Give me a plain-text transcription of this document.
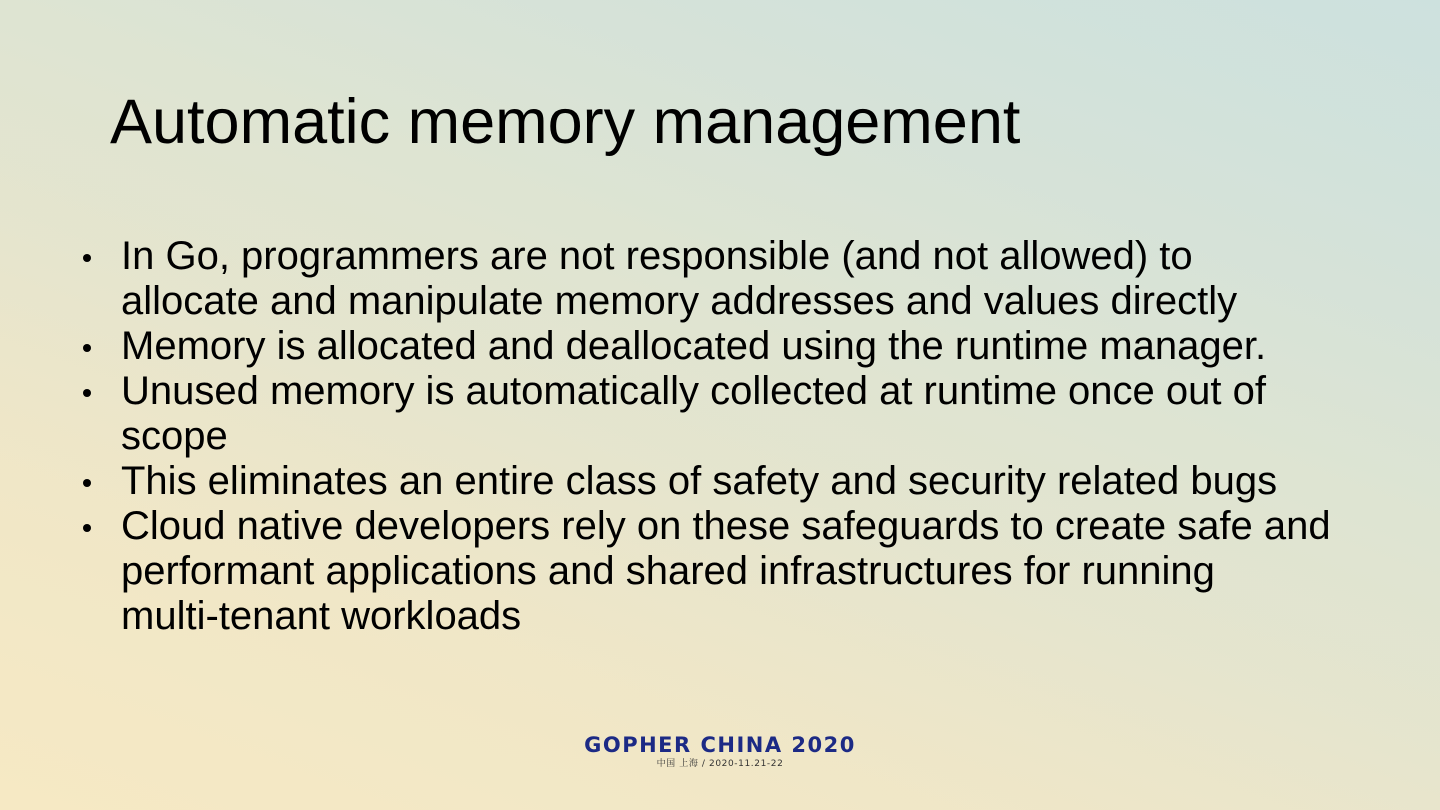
Automatic memory management
In Go, programmers are not responsible (and not allowed) to
allocate and manipulate memory addresses and values directly
Memory is allocated and deallocated using the runtime manager.
Unused memory is automatically collected at runtime once out of
scope
This eliminates an entire class of safety and security related bugs
Cloud native developers rely on these safeguards to create safe and
performant applications and shared infrastructures for running
multi-tenant workloads
GOPHER CHINA 2020
中国 上海 / 2020-11.21-22
